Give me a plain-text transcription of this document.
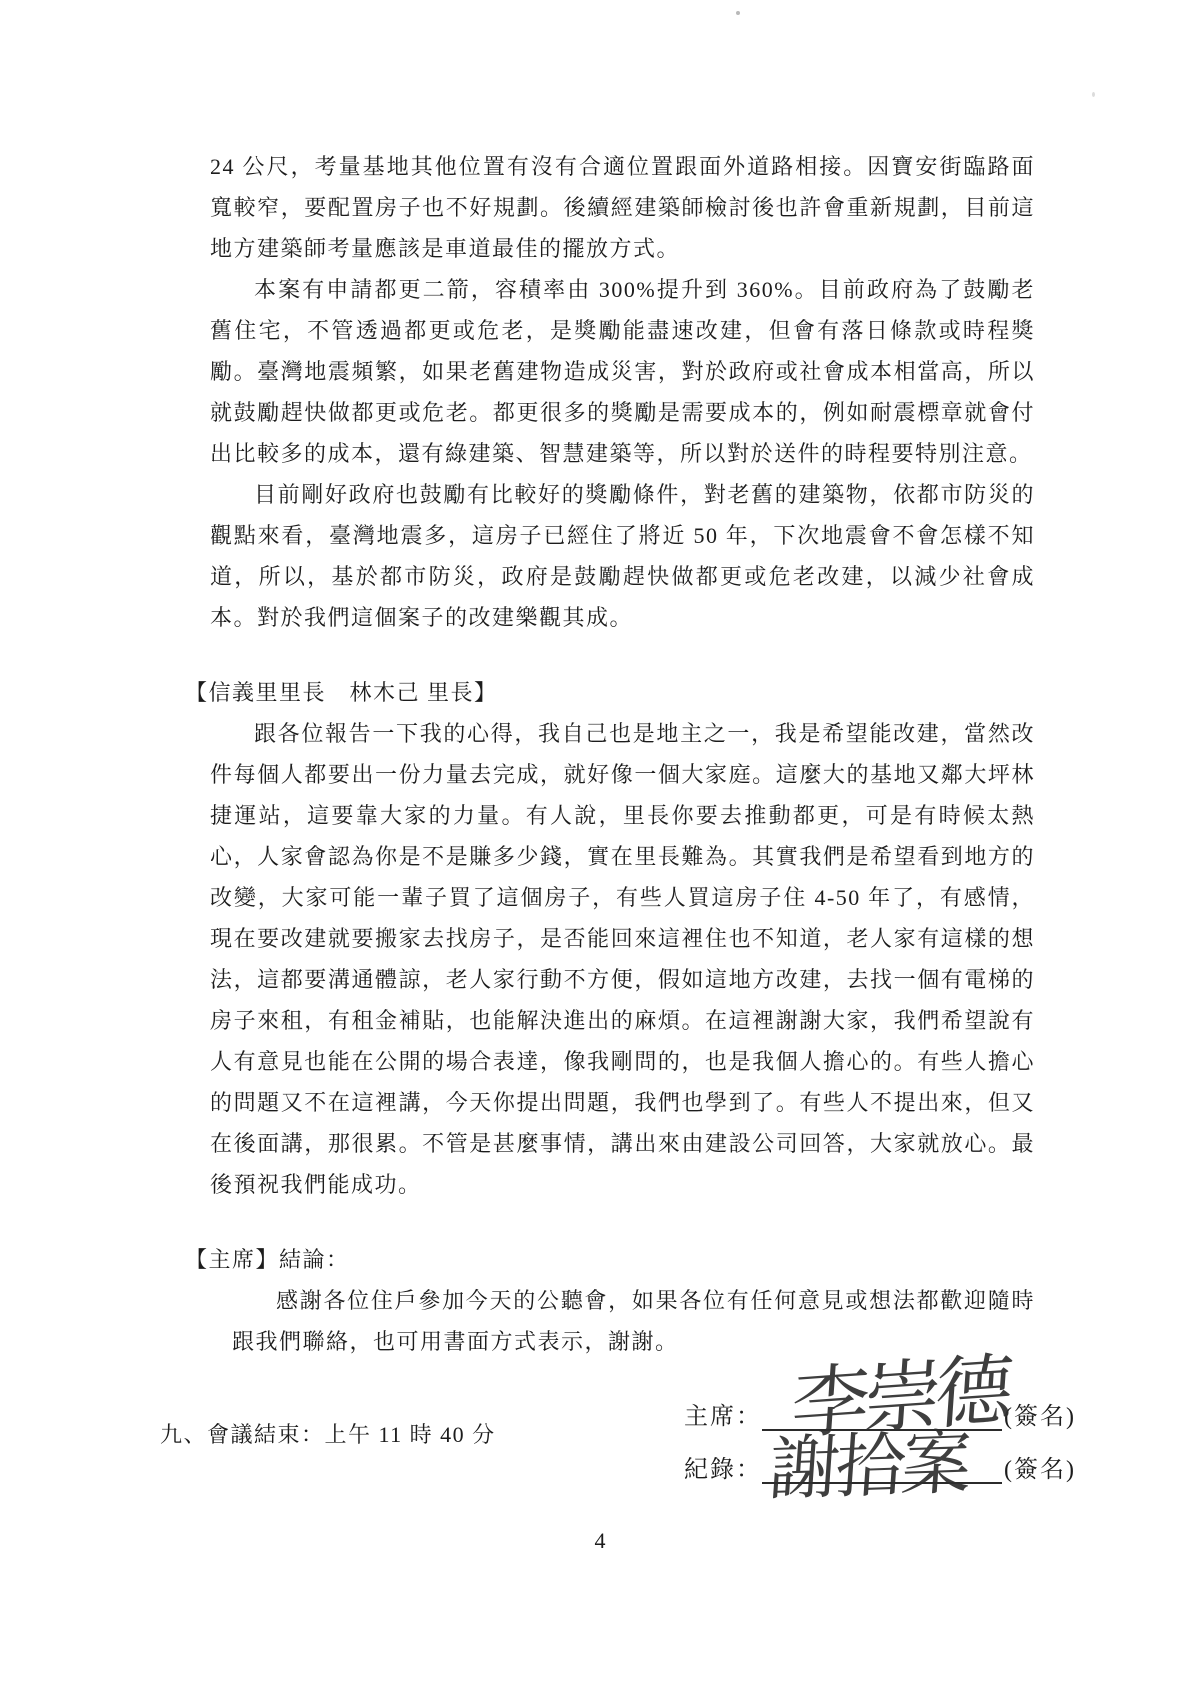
24 公尺，考量基地其他位置有沒有合適位置跟面外道路相接。因寶安街臨路面寬較窄，要配置房子也不好規劃。後續經建築師檢討後也許會重新規劃，目前這地方建築師考量應該是車道最佳的擺放方式。

本案有申請都更二箭，容積率由 300%提升到 360%。目前政府為了鼓勵老舊住宅，不管透過都更或危老，是獎勵能盡速改建，但會有落日條款或時程獎勵。臺灣地震頻繁，如果老舊建物造成災害，對於政府或社會成本相當高，所以就鼓勵趕快做都更或危老。都更很多的獎勵是需要成本的，例如耐震標章就會付出比較多的成本，還有綠建築、智慧建築等，所以對於送件的時程要特別注意。

目前剛好政府也鼓勵有比較好的獎勵條件，對老舊的建築物，依都市防災的觀點來看，臺灣地震多，這房子已經住了將近 50 年，下次地震會不會怎樣不知道，所以，基於都市防災，政府是鼓勵趕快做都更或危老改建，以減少社會成本。對於我們這個案子的改建樂觀其成。

【信義里里長　林木己 里長】

跟各位報告一下我的心得，我自己也是地主之一，我是希望能改建，當然改件每個人都要出一份力量去完成，就好像一個大家庭。這麼大的基地又鄰大坪林捷運站，這要靠大家的力量。有人說，里長你要去推動都更，可是有時候太熱心，人家會認為你是不是賺多少錢，實在里長難為。其實我們是希望看到地方的改變，大家可能一輩子買了這個房子，有些人買這房子住 4-50 年了，有感情，現在要改建就要搬家去找房子，是否能回來這裡住也不知道，老人家有這樣的想法，這都要溝通體諒，老人家行動不方便，假如這地方改建，去找一個有電梯的房子來租，有租金補貼，也能解決進出的麻煩。在這裡謝謝大家，我們希望說有人有意見也能在公開的場合表達，像我剛問的，也是我個人擔心的。有些人擔心的問題又不在這裡講，今天你提出問題，我們也學到了。有些人不提出來，但又在後面講，那很累。不管是甚麼事情，講出來由建設公司回答，大家就放心。最後預祝我們能成功。

【主席】結論：

感謝各位住戶參加今天的公聽會，如果各位有任何意見或想法都歡迎隨時跟我們聯絡，也可用書面方式表示，謝謝。

九、會議結束：上午 11 時 40 分

主席： 李崇德
(簽名)
紀錄： 謝拾案 (簽名)
4
